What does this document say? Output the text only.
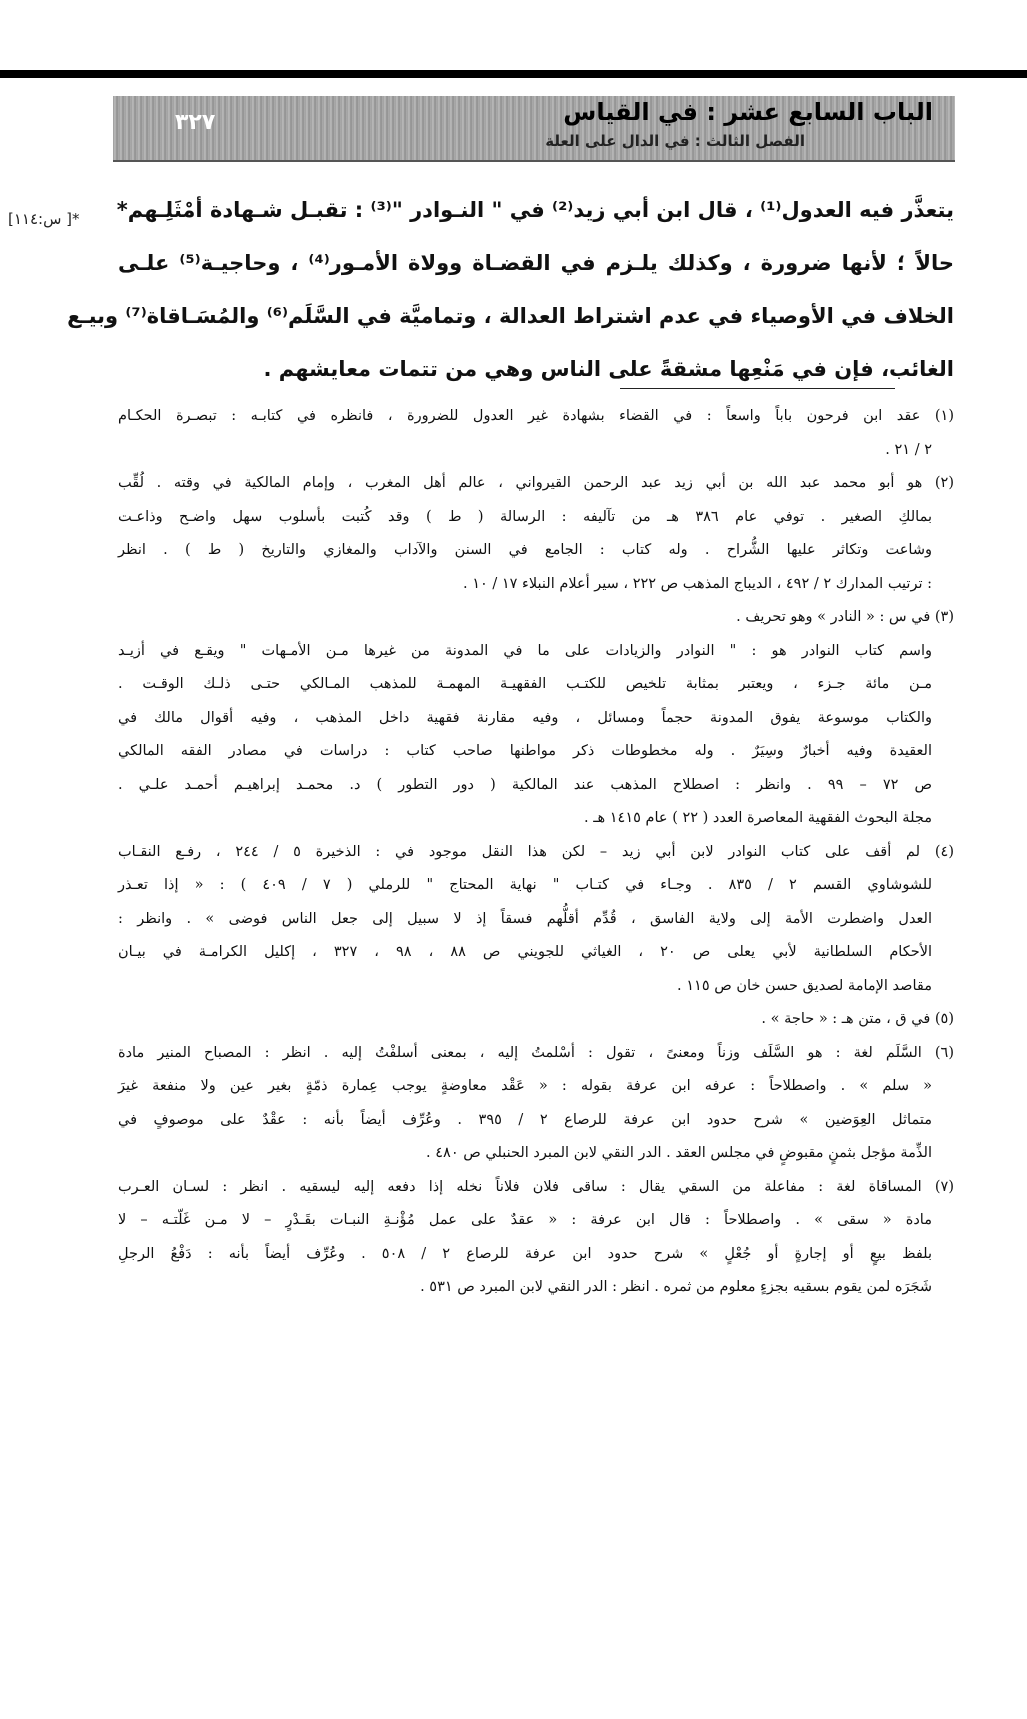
٣٢٧	الباب السابع عشر : في القياس
الفصل الثالث : في الدال على العلة
*[ س:١١٤] يتعذَّر فيه العدول⁽¹⁾ ، قال ابن أبي زيد⁽²⁾ في " النـوادر "⁽³⁾ : تقبـل شـهادة أمْثَلِـهم*

حالاً ؛ لأنها ضرورة ، وكذلك يلـزم في القضـاة وولاة الأمـور⁽⁴⁾ ، وحاجيـة⁽⁵⁾ علـى

الخلاف في الأوصياء في عدم اشتراط العدالة ، وتماميَّة في السَّلَم⁽⁶⁾ والمُسَـاقاة⁽⁷⁾ وبيـع

الغائب، فإن في مَنْعِها مشقةً على الناس وهي من تتمات معايشهم .

(١) عقد ابن فرحون باباً واسعاً : في القضاء بشهادة غير العدول للضرورة ، فانظره في كتابـه : تبصـرة الحكـام
٢ / ٢١ .
(٢) هو أبو محمد عبد الله بن أبي زيد عبد الرحمن القيرواني ، عالم أهل المغرب ، وإمام المالكية في وقته . لُقِّب
بمالكِ الصغير . توفي عام ٣٨٦ هـ من تآليفه : الرسالة ( ط ) وقد كُتبت بأسلوب سهل واضـح وذاعـت
وشاعت وتكاثر عليها الشُّراح . وله كتاب : الجامع في السنن والآداب والمغازي والتاريخ ( ط ) . انظر
: ترتيب المدارك ٢ / ٤٩٢ ، الديباج المذهب ص ٢٢٢ ، سير أعلام النبلاء ١٧ / ١٠ .
(٣) في س : « النادر » وهو تحريف .
واسم كتاب النوادر هو : " النوادر والزيادات على ما في المدونة من غيرها مـن الأمـهات " ويقـع في أزيـد
مـن مائة جـزء ، ويعتبر بمثابة تلخيص للكتـب الفقهيـة المهمـة للمذهب المـالكي حتـى ذلـك الوقـت .
والكتاب موسوعة يفوق المدونة حجماً ومسائل ، وفيه مقارنة فقهية داخل المذهب ، وفيه أقوال مالك في
العقيدة وفيه أخبارٌ وسِيَرٌ . وله مخطوطات ذكر مواطنها صاحب كتاب : دراسات في مصادر الفقه المالكي
ص ٧٢ – ٩٩ . وانظر : اصطلاح المذهب عند المالكية ( دور التطور ) د. محمـد إبراهيـم أحمـد علـي .
مجلة البحوث الفقهية المعاصرة العدد ( ٢٢ ) عام ١٤١٥ هـ .
(٤) لم أقف على كتاب النوادر لابن أبي زيد – لكن هذا النقل موجود في : الذخيرة ٥ / ٢٤٤ ، رفـع النقـاب
للشوشاوي القسم ٢ / ٨٣٥ . وجـاء في كتـاب " نهاية المحتاج " للرملي ( ٧ / ٤٠٩ ) : « إذا تعـذر
العدل واضطرت الأمة إلى ولاية الفاسق ، قُدِّم أقلُّهم فسقاً إذ لا سبيل إلى جعل الناس فوضى » . وانظر :
الأحكام السلطانية لأبي يعلى ص ٢٠ ، الغياثي للجويني ص ٨٨ ، ٩٨ ، ٣٢٧ ، إكليل الكرامـة في بيـان
مقاصد الإمامة لصديق حسن خان ص ١١٥ .
(٥) في ق ، متن هـ : « حاجة » .
(٦) السَّلَم لغة : هو السَّلَف وزناً ومعنىً ، تقول : أسْلمتُ إليه ، بمعنى أسلفْتُ إليه . انظر : المصباح المنير مادة
« سلم » . واصطلاحاً : عرفه ابن عرفة بقوله : « عَقْد معاوضةٍ يوجب عِمارة ذمّةٍ بغير عين ولا منفعة غيرَ
متماثل العِوَضين » شرح حدود ابن عرفة للرصاع ٢ / ٣٩٥ . وعُرِّف أيضاً بأنه : عقْدٌ على موصوفٍ في
الذِّمة مؤجل بثمنٍ مقبوضٍ في مجلس العقد . الدر النقي لابن المبرد الحنبلي ص ٤٨٠ .
(٧) المساقاة لغة : مفاعلة من السقي يقال : ساقى فلان فلاناً نخله إذا دفعه إليه ليسقيه . انظر : لسـان العـرب
مادة « سقى » . واصطلاحاً : قال ابن عرفة : « عقدٌ على عمل مُؤْنـةِ النبـات بقَـدْرٍ – لا مـن غَلّتـه – لا
بلفظ بيعٍ أو إجارةٍ أو جُعْلٍ » شرح حدود ابن عرفة للرصاع ٢ / ٥٠٨ . وعُرِّف أيضاً بأنه : دَفْعُ الرجلِ
شَجَرَه لمن يقوم بسقيه بجزءٍ معلوم من ثمره . انظر : الدر النقي لابن المبرد ص ٥٣١ .
